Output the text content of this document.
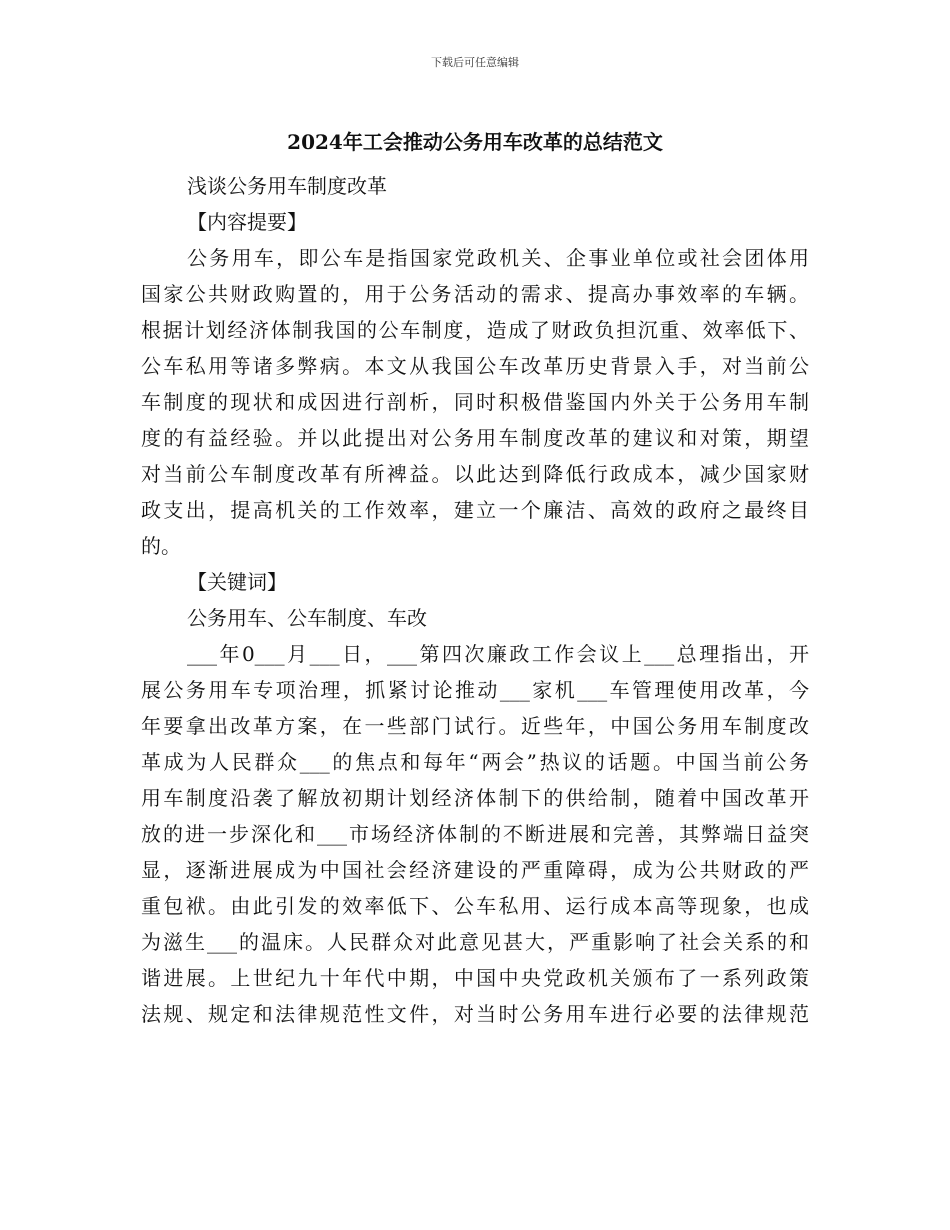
下载后可任意编辑
2024年工会推动公务用车改革的总结范文
浅谈公务用车制度改革
【内容提要】
公务用车，即公车是指国家党政机关、企事业单位或社会团体用
国家公共财政购置的，用于公务活动的需求、提高办事效率的车辆。
根据计划经济体制我国的公车制度，造成了财政负担沉重、效率低下、
公车私用等诸多弊病。本文从我国公车改革历史背景入手，对当前公
车制度的现状和成因进行剖析，同时积极借鉴国内外关于公务用车制
度的有益经验。并以此提出对公务用车制度改革的建议和对策，期望
对当前公车制度改革有所裨益。以此达到降低行政成本，减少国家财
政支出，提高机关的工作效率，建立一个廉洁、高效的政府之最终目
的。
【关键词】
公务用车、公车制度、车改
___年0___月___日，___第四次廉政工作会议上___总理指出，开
展公务用车专项治理，抓紧讨论推动___家机___车管理使用改革，今
年要拿出改革方案，在一些部门试行。近些年，中国公务用车制度改
革成为人民群众___的焦点和每年“两会”热议的话题。中国当前公务
用车制度沿袭了解放初期计划经济体制下的供给制，随着中国改革开
放的进一步深化和___市场经济体制的不断进展和完善，其弊端日益突
显，逐渐进展成为中国社会经济建设的严重障碍，成为公共财政的严
重包袱。由此引发的效率低下、公车私用、运行成本高等现象，也成
为滋生___的温床。人民群众对此意见甚大，严重影响了社会关系的和
谐进展。上世纪九十年代中期，中国中央党政机关颁布了一系列政策
法规、规定和法律规范性文件，对当时公务用车进行必要的法律规范
